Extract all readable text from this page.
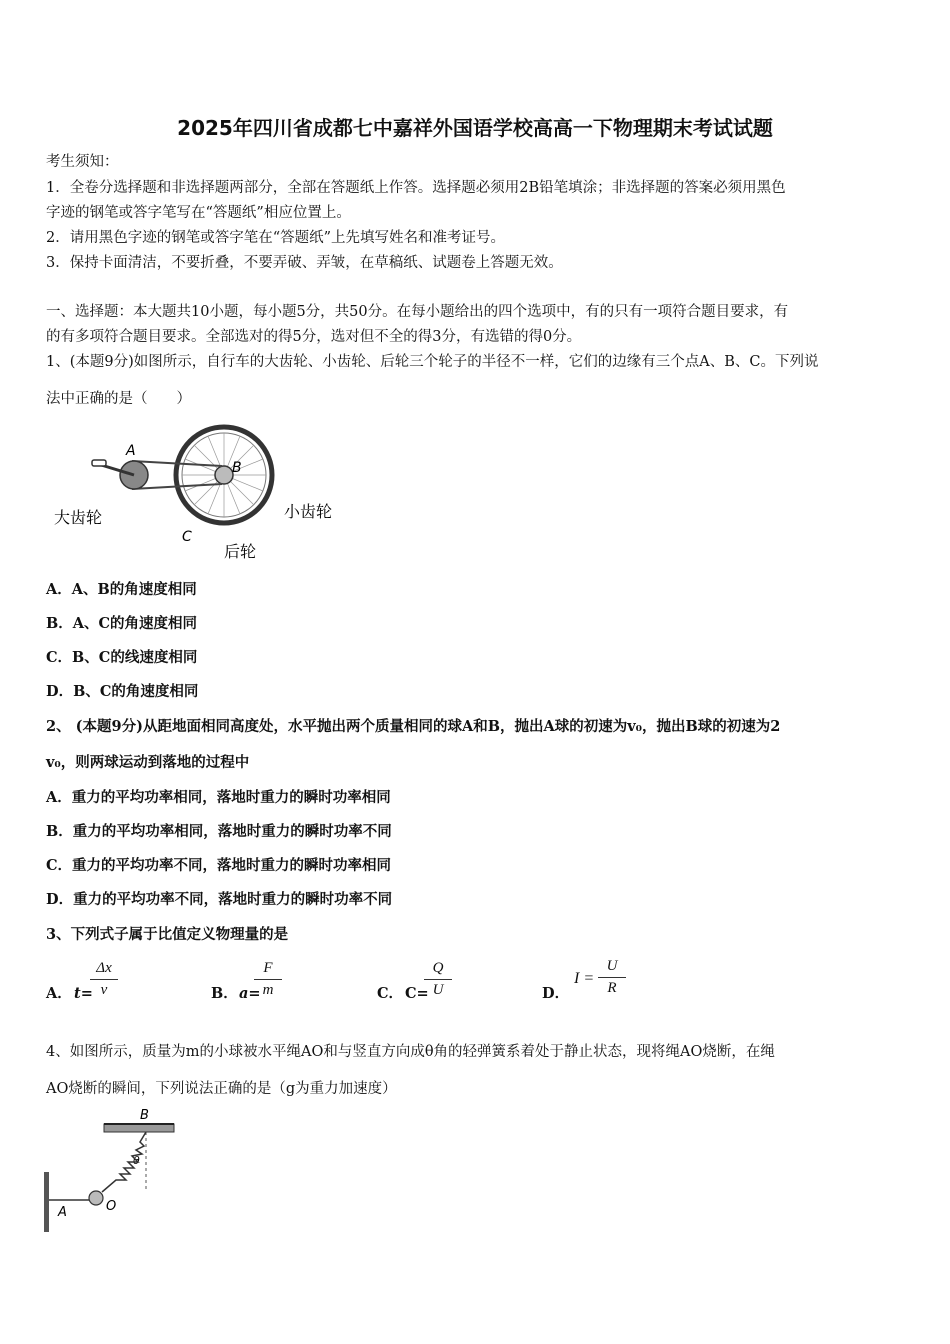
2025年四川省成都七中嘉祥外国语学校高高一下物理期末考试试题
考生须知：
1．全卷分选择题和非选择题两部分，全部在答题纸上作答。选择题必须用2B铅笔填涂；非选择题的答案必须用黑色
字迹的钢笔或答字笔写在“答题纸”相应位置上。
2．请用黑色字迹的钢笔或答字笔在“答题纸”上先填写姓名和准考证号。
3．保持卡面清洁，不要折叠，不要弄破、弄皱，在草稿纸、试题卷上答题无效。
一、选择题：本大题共10小题，每小题5分，共50分。在每小题给出的四个选项中，有的只有一项符合题目要求，有
的有多项符合题目要求。全部选对的得5分，选对但不全的得3分，有选错的得0分。
1、(本题9分)如图所示，自行车的大齿轮、小齿轮、后轮三个轮子的半径不一样，它们的边缘有三个点A、B、C。下列说
法中正确的是（　　）
A
B
C
大齿轮	小齿轮
后轮
A．A、B的角速度相同
B．A、C的角速度相同
C．B、C的线速度相同
D．B、C的角速度相同
2、 (本题9分)从距地面相同高度处，水平抛出两个质量相同的球A和B，抛出A球的初速为v₀，抛出B球的初速为2
v₀，则两球运动到落地的过程中
A．重力的平均功率相同，落地时重力的瞬时功率相同
B．重力的平均功率相同，落地时重力的瞬时功率不同
C．重力的平均功率不同，落地时重力的瞬时功率相同
D．重力的平均功率不同，落地时重力的瞬时功率不同
3、下列式子属于比值定义物理量的是
A． t=
$\frac{\Delta x}{v}$	B． a=
$\frac{F}{m}$	C． C=
$\frac{Q}{U}$	D．
$I = \frac{U}{R}$
4、如图所示，质量为m的小球被水平绳AO和与竖直方向成θ角的轻弹簧系着处于静止状态，现将绳AO烧断，在绳
AO烧断的瞬间，下列说法正确的是（g为重力加速度）
B
θ
O
A
